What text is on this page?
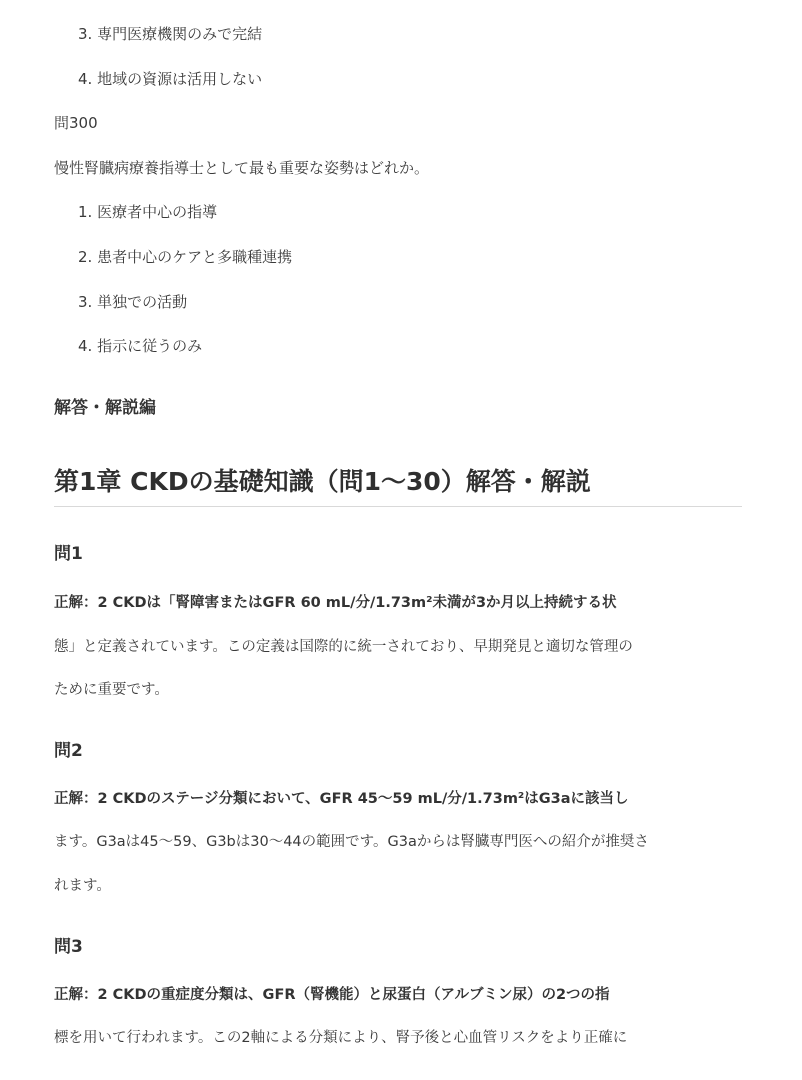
3. 専門医療機関のみで完結
4. 地域の資源は活用しない
問300
慢性腎臓病療養指導士として最も重要な姿勢はどれか。
1. 医療者中心の指導
2. 患者中心のケアと多職種連携
3. 単独での活動
4. 指示に従うのみ
解答・解説編
第1章 CKDの基礎知識（問1〜30）解答・解説
問1
正解：2 CKDは「腎障害またはGFR 60 mL/分/1.73m²未満が3か月以上持続する状
態」と定義されています。この定義は国際的に統一されており、早期発見と適切な管理の
ために重要です。
問2
正解：2 CKDのステージ分類において、GFR 45〜59 mL/分/1.73m²はG3aに該当し
ます。G3aは45〜59、G3bは30〜44の範囲です。G3aからは腎臓専門医への紹介が推奨さ
れます。
問3
正解：2 CKDの重症度分類は、GFR（腎機能）と尿蛋白（アルブミン尿）の2つの指
標を用いて行われます。この2軸による分類により、腎予後と心血管リスクをより正確に
